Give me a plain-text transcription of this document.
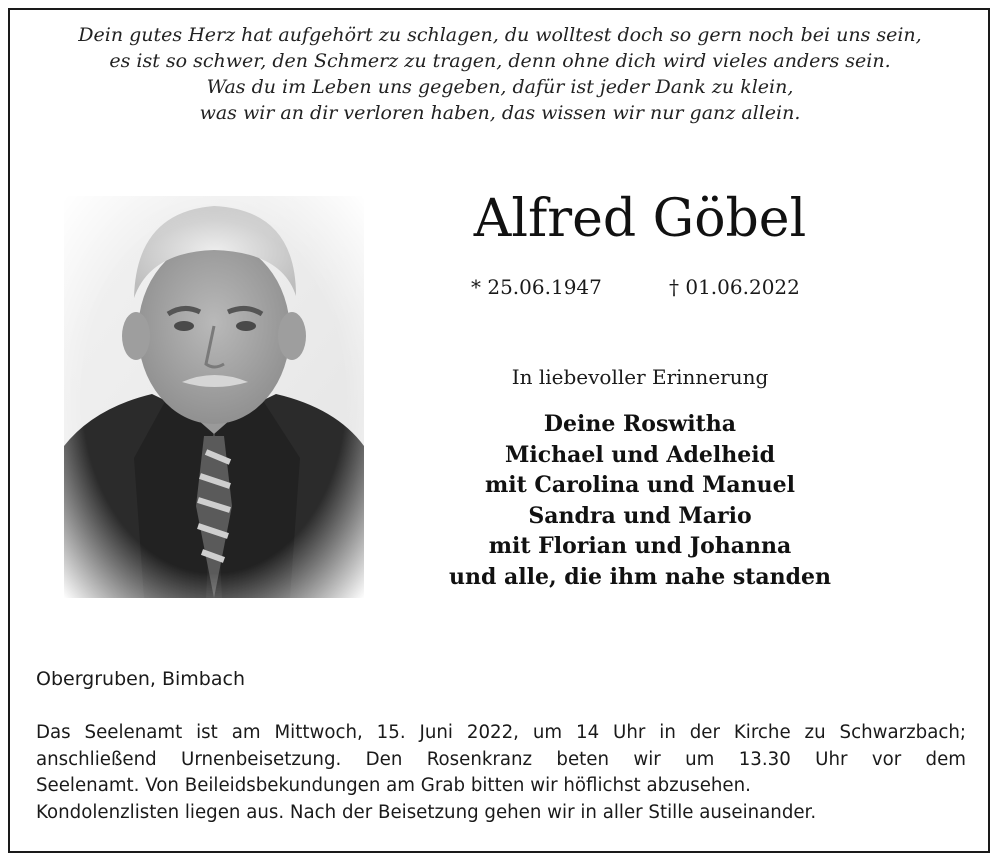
Dein gutes Herz hat aufgehört zu schlagen, du wolltest doch so gern noch bei uns sein,
es ist so schwer, den Schmerz zu tragen, denn ohne dich wird vieles anders sein.
Was du im Leben uns gegeben, dafür ist jeder Dank zu klein,
was wir an dir verloren haben, das wissen wir nur ganz allein.
Alfred Göbel
* 25.06.1947	† 01.06.2022
In liebevoller Erinnerung
Deine Roswitha
Michael und Adelheid
mit Carolina und Manuel
Sandra und Mario
mit Florian und Johanna
und alle, die ihm nahe standen
Obergruben, Bimbach
Das Seelenamt ist am Mittwoch, 15. Juni 2022, um 14 Uhr in der Kirche zu Schwarzbach;
anschließend Urnenbeisetzung. Den Rosenkranz beten wir um 13.30 Uhr vor dem
Seelenamt. Von Beileidsbekundungen am Grab bitten wir höflichst abzusehen.
Kondolenzlisten liegen aus. Nach der Beisetzung gehen wir in aller Stille auseinander.
